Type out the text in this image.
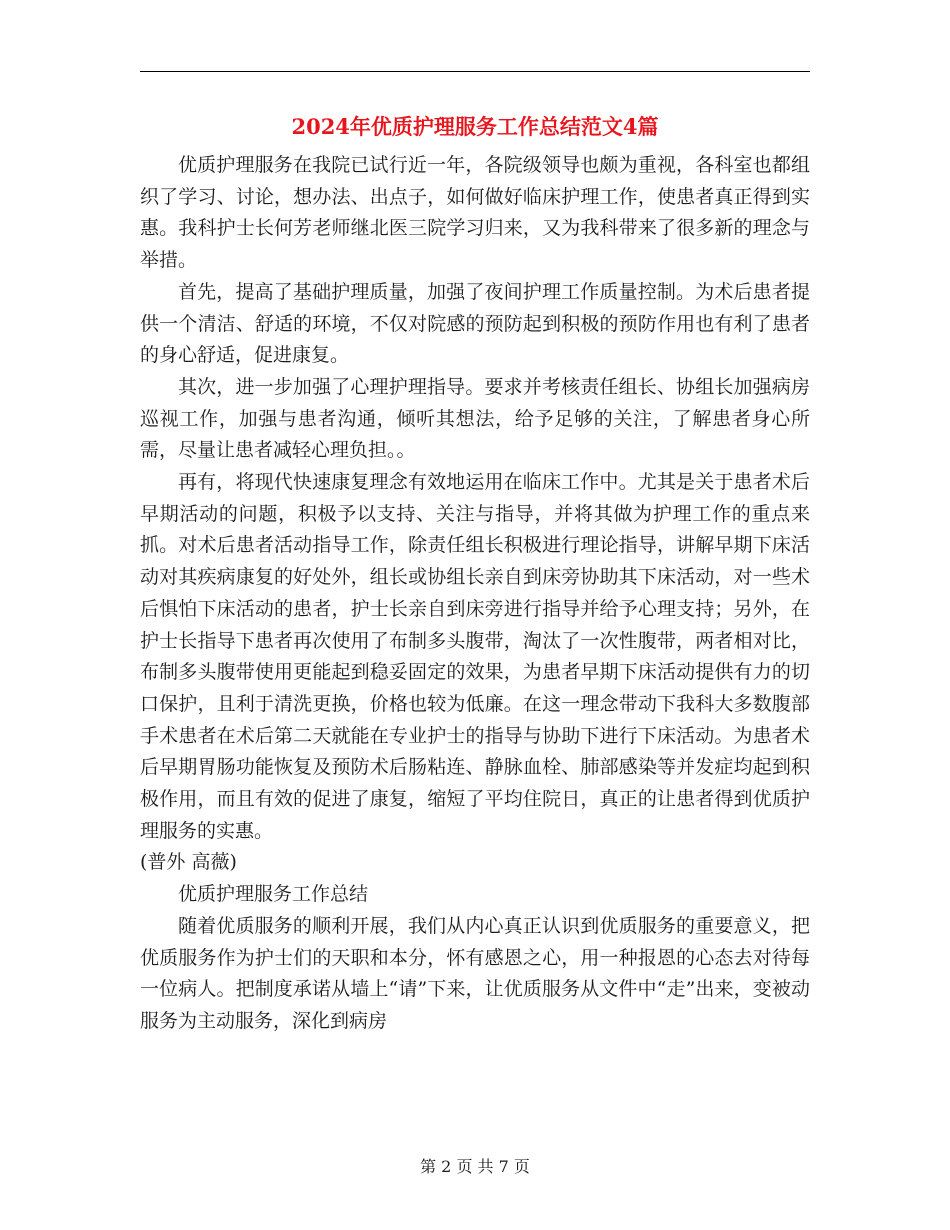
2024年优质护理服务工作总结范文4篇

优质护理服务在我院已试行近一年，各院级领导也颇为重视，各科室也都组织了学习、讨论，想办法、出点子，如何做好临床护理工作，使患者真正得到实惠。我科护士长何芳老师继北医三院学习归来，又为我科带来了很多新的理念与举措。

首先，提高了基础护理质量，加强了夜间护理工作质量控制。为术后患者提供一个清洁、舒适的环境，不仅对院感的预防起到积极的预防作用也有利了患者的身心舒适，促进康复。

其次，进一步加强了心理护理指导。要求并考核责任组长、协组长加强病房巡视工作，加强与患者沟通，倾听其想法，给予足够的关注，了解患者身心所需，尽量让患者减轻心理负担。。

再有，将现代快速康复理念有效地运用在临床工作中。尤其是关于患者术后早期活动的问题，积极予以支持、关注与指导，并将其做为护理工作的重点来抓。对术后患者活动指导工作，除责任组长积极进行理论指导，讲解早期下床活动对其疾病康复的好处外，组长或协组长亲自到床旁协助其下床活动，对一些术后惧怕下床活动的患者，护士长亲自到床旁进行指导并给予心理支持；另外，在护士长指导下患者再次使用了布制多头腹带，淘汰了一次性腹带，两者相对比，布制多头腹带使用更能起到稳妥固定的效果，为患者早期下床活动提供有力的切口保护，且利于清洗更换，价格也较为低廉。在这一理念带动下我科大多数腹部手术患者在术后第二天就能在专业护士的指导与协助下进行下床活动。为患者术后早期胃肠功能恢复及预防术后肠粘连、静脉血栓、肺部感染等并发症均起到积极作用，而且有效的促进了康复，缩短了平均住院日，真正的让患者得到优质护理服务的实惠。

(普外 高薇)

优质护理服务工作总结

随着优质服务的顺利开展，我们从内心真正认识到优质服务的重要意义，把优质服务作为护士们的天职和本分，怀有感恩之心，用一种报恩的心态去对待每一位病人。把制度承诺从墙上“请”下来，让优质服务从文件中“走”出来，变被动服务为主动服务，深化到病房

第 2 页 共 7 页
